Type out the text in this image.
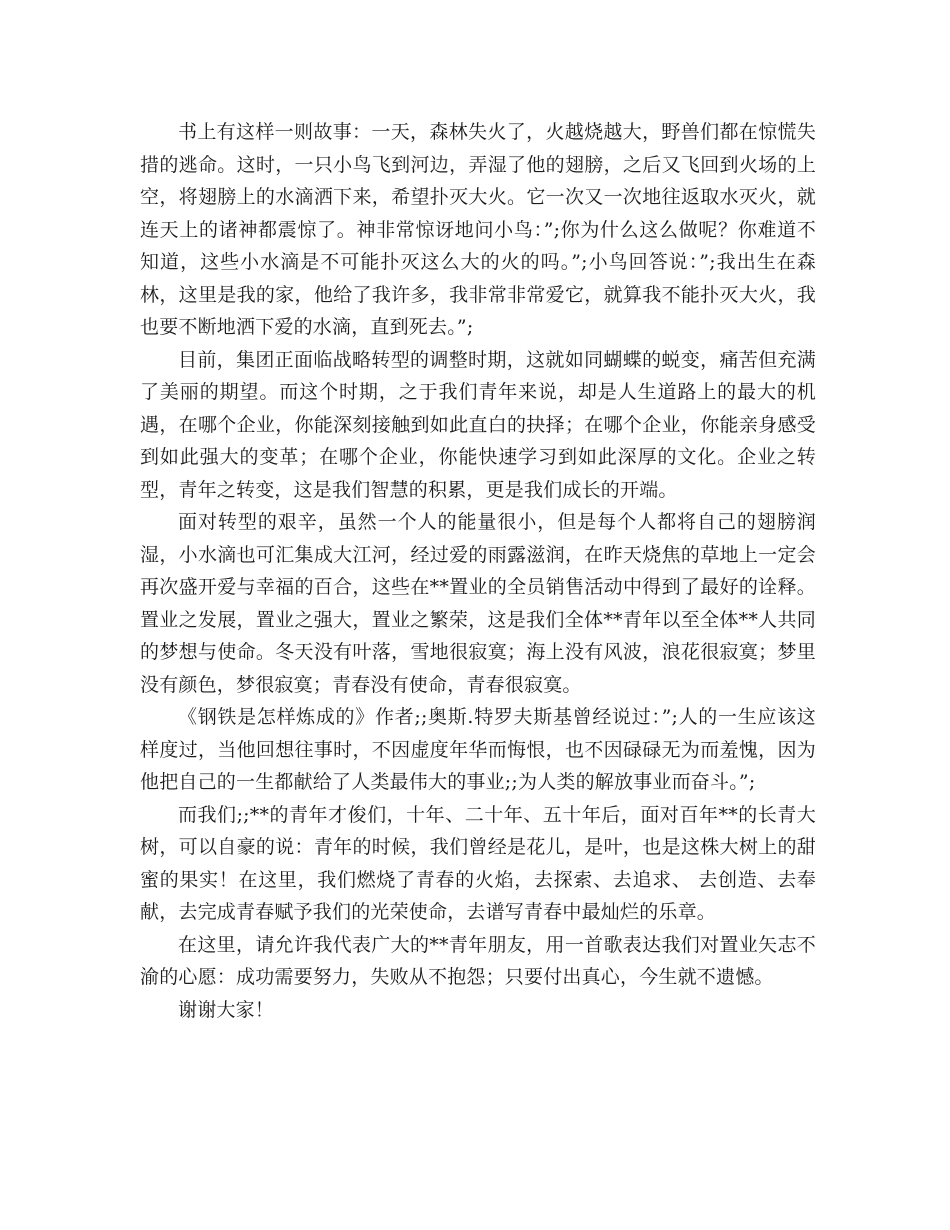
书上有这样一则故事：一天，森林失火了，火越烧越大，野兽们都在惊慌失措的逃命。这时，一只小鸟飞到河边，弄湿了他的翅膀，之后又飞回到火场的上空，将翅膀上的水滴洒下来，希望扑灭大火。它一次又一次地往返取水灭火，就连天上的诸神都震惊了。神非常惊讶地问小鸟：”;你为什么这么做呢？你难道不知道，这些小水滴是不可能扑灭这么大的火的吗。”;小鸟回答说：”;我出生在森林，这里是我的家，他给了我许多，我非常非常爱它，就算我不能扑灭大火，我也要不断地洒下爱的水滴，直到死去。”;

目前，集团正面临战略转型的调整时期，这就如同蝴蝶的蜕变，痛苦但充满了美丽的期望。而这个时期，之于我们青年来说，却是人生道路上的最大的机遇，在哪个企业，你能深刻接触到如此直白的抉择；在哪个企业，你能亲身感受到如此强大的变革；在哪个企业，你能快速学习到如此深厚的文化。企业之转型，青年之转变，这是我们智慧的积累，更是我们成长的开端。

面对转型的艰辛，虽然一个人的能量很小，但是每个人都将自己的翅膀润湿，小水滴也可汇集成大江河，经过爱的雨露滋润，在昨天烧焦的草地上一定会再次盛开爱与幸福的百合，这些在**置业的全员销售活动中得到了最好的诠释。置业之发展，置业之强大，置业之繁荣，这是我们全体**青年以至全体**人共同的梦想与使命。冬天没有叶落，雪地很寂寞；海上没有风波，浪花很寂寞；梦里没有颜色，梦很寂寞；青春没有使命，青春很寂寞。

《钢铁是怎样炼成的》作者;;奥斯.特罗夫斯基曾经说过：”;人的一生应该这样度过，当他回想往事时，不因虚度年华而悔恨，也不因碌碌无为而羞愧，因为他把自己的一生都献给了人类最伟大的事业;;为人类的解放事业而奋斗。”;

而我们;;**的青年才俊们，十年、二十年、五十年后，面对百年**的长青大树，可以自豪的说：青年的时候，我们曾经是花儿，是叶，也是这株大树上的甜蜜的果实！在这里，我们燃烧了青春的火焰，去探索、去追求、 去创造、去奉献，去完成青春赋予我们的光荣使命，去谱写青春中最灿烂的乐章。

在这里，请允许我代表广大的**青年朋友，用一首歌表达我们对置业矢志不渝的心愿：成功需要努力，失败从不抱怨；只要付出真心，今生就不遗憾。

谢谢大家！
